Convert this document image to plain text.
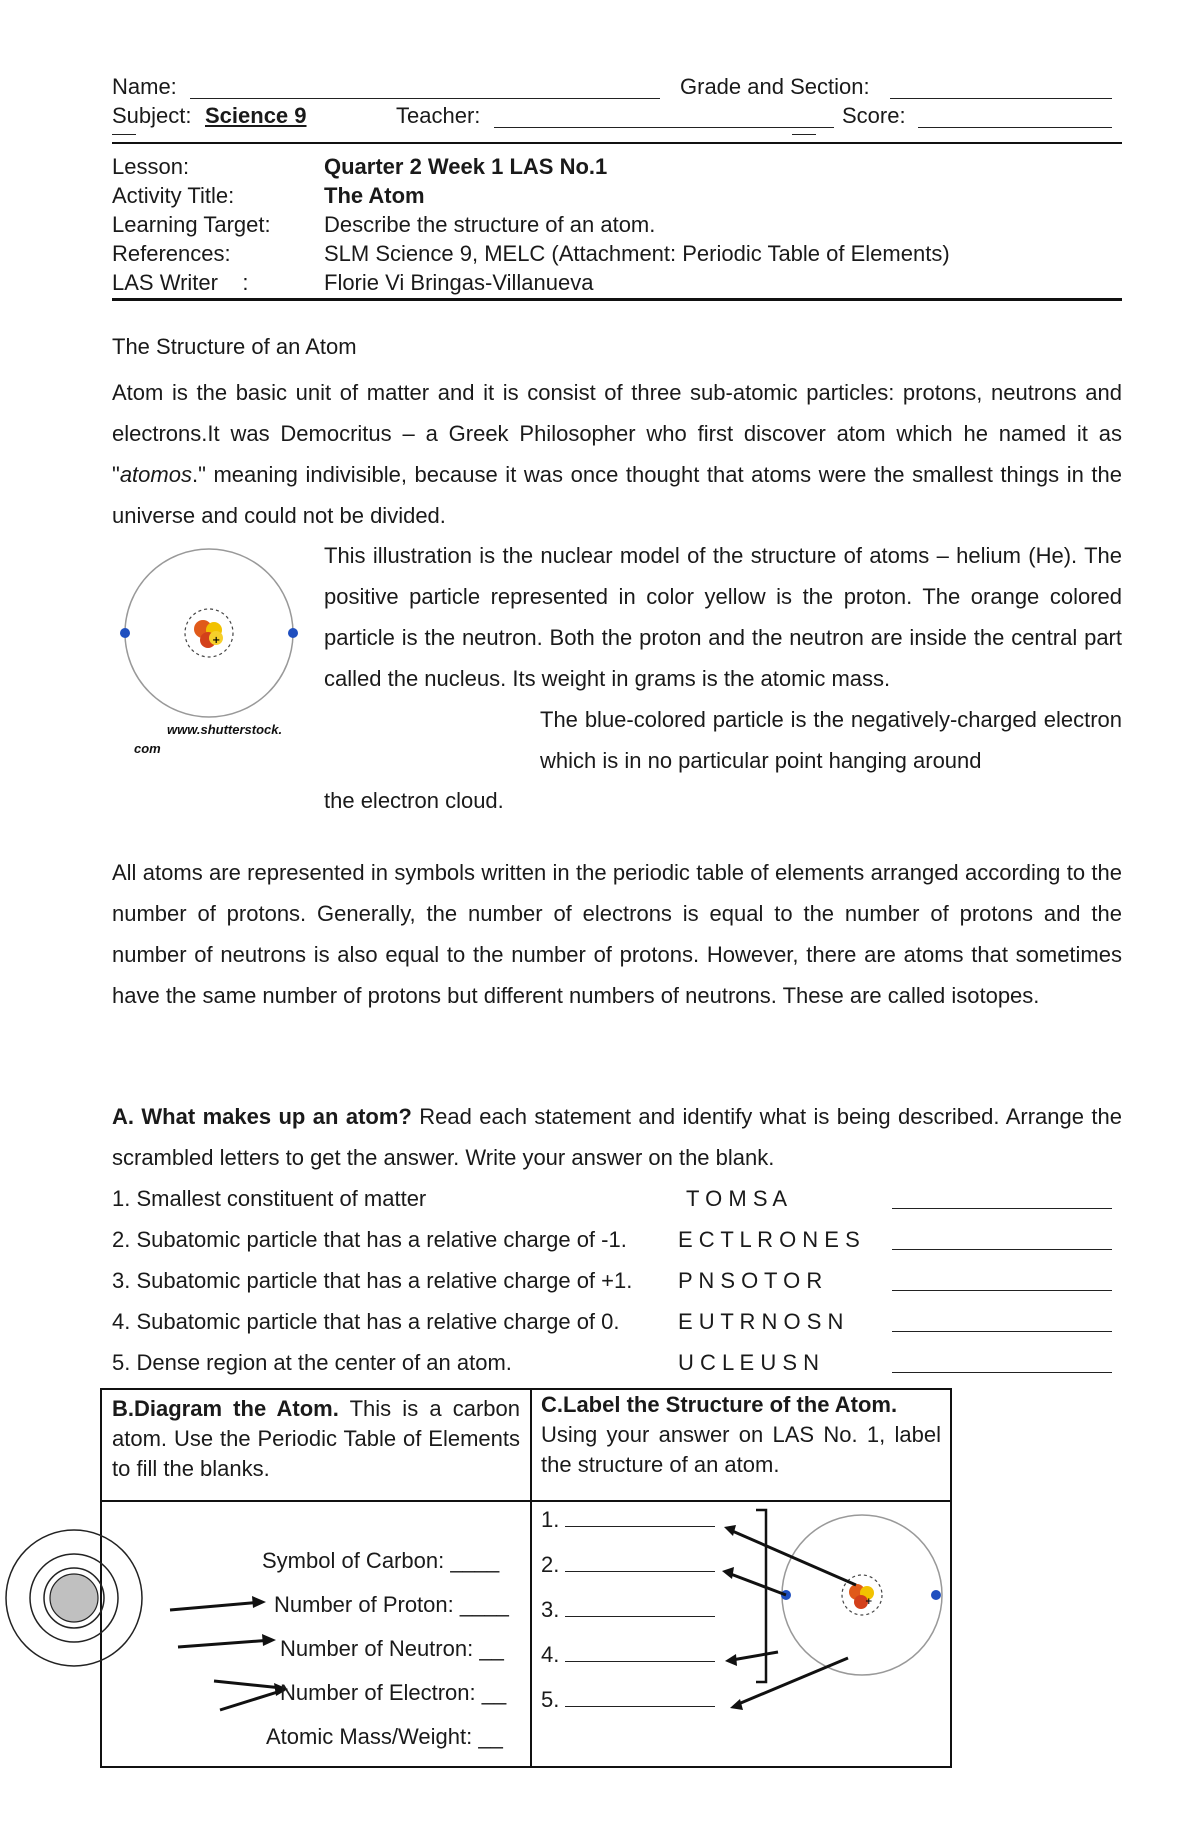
Name:	Grade and Section:
Subject: Science 9	Teacher:	Score:
Lesson:	Quarter 2 Week 1 LAS No.1
Activity Title:	The Atom
Learning Target: Describe the structure of an atom.
References:	SLM Science 9, MELC (Attachment: Periodic Table of Elements)
LAS Writer    :	Florie Vi Bringas-Villanueva
The Structure of an Atom
Atom is the basic unit of matter and it is consist of three sub-atomic particles: protons, neutrons and electrons.It was Democritus – a Greek Philosopher who first discover atom which he named it as "atomos." meaning indivisible, because it was once thought that atoms were the smallest things in the universe and could not be divided.
+
www.shutterstock.
com
This illustration is the nuclear model of the structure of atoms – helium (He). The positive particle represented in color yellow is the proton. The orange colored particle is the neutron. Both the proton and the neutron are inside the central part called the nucleus. Its weight in grams is the atomic mass.
The blue-colored particle is the negatively-charged electron which is in no particular point hanging around
the electron cloud.
All atoms are represented in symbols written in the periodic table of elements arranged according to the number of protons. Generally, the number of electrons is equal to the number of protons and the number of neutrons is also equal to the number of protons. However, there are atoms that sometimes have the same number of protons but different numbers of neutrons. These are called isotopes.
A. What makes up an atom? Read each statement and identify what is being described. Arrange the scrambled letters to get the answer. Write your answer on the blank.
1. Smallest constituent of matter	T O M S A
2. Subatomic particle that has a relative charge of -1. E C T L R O N E S
3. Subatomic particle that has a relative charge of +1. P N S O T O R
4. Subatomic particle that has a relative charge of 0.	E U T R N O S N
5. Dense region at the center of an atom.	U C L E U S N
B.Diagram the Atom. This is a carbon atom. Use the Periodic Table of Elements to fill the blanks.
C.Label the Structure of the Atom.
Using your answer on LAS No. 1, label the structure of an atom.
Symbol of Carbon: ____
Number of Proton: ____
Number of Neutron: __
Number of Electron: __
Atomic Mass/Weight: __
1.
2.
3.
4.
5.
+
